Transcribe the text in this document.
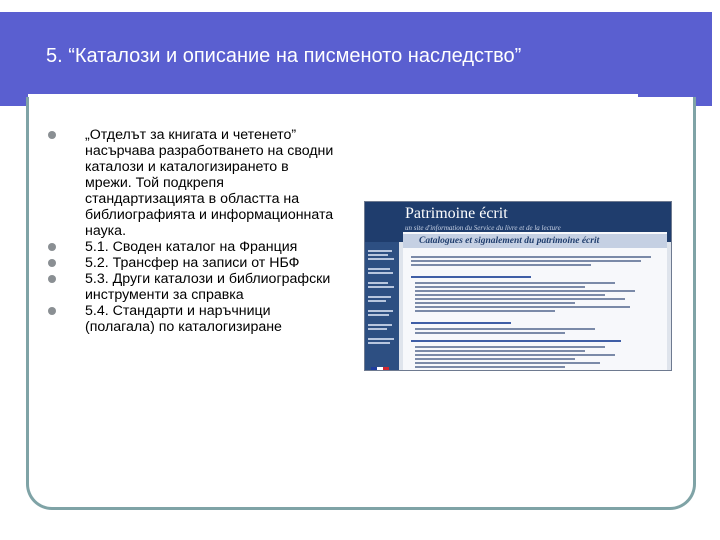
5. “Каталози и описание на писменото наследство”
„Отделът за книгата и четенето” насърчава разработването на сводни каталози и каталогизирането в мрежи. Той подкрепя стандартизацията в областта на библиографията и информационната наука.
5.1. Сводeн каталог на Франция
5.2. Трансфер на записи от НБФ
5.3. Други каталози и библиографски инструменти за справка
5.4. Стандарти и наръчници (полагала) по каталогизиране
Patrimoine écrit
un site d'information du Service du livre et de la lecture
Catalogues et signalement du patrimoine écrit
